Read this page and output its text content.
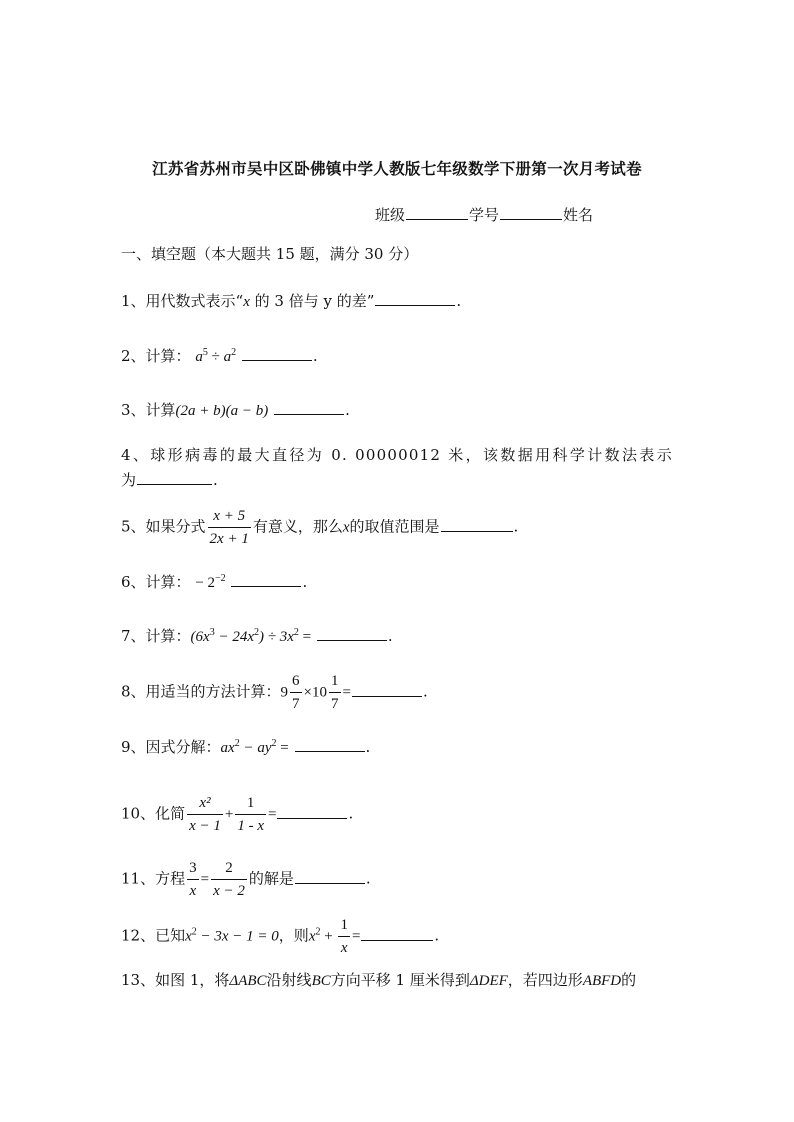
江苏省苏州市吴中区卧佛镇中学人教版七年级数学下册第一次月考试卷
班级	学号	姓名
一、填空题（本大题共 15 题，满分 30 分）
1、用代数式表示“x 的 3 倍与 y 的差”	.
2、计算： $a^5 \div a^2$	.
3、计算(2a + b)(a − b)	.
4、球形病毒的最大直径为 0. 00000012 米，该数据用科学计数法表示
为	.
5、如果分式 $\frac{x + 5}{2x + 1}$ 有意义，那么x的取值范围是	.
6、计算： − $2^{-2}$	.
7、计算：$(6x^3 - 24x^2) \div 3x^2$ =	.
8、用适当的方法计算：$9 \frac{6}{7} \times 10 \frac{1}{7}$ =	.
9、因式分解：$ax^2 - ay^2$ =	.
10、化简 $\frac{\text{x²}}{x - 1} + \frac{1}{1 - x}$ =	.
11、方程 $\frac{3}{x} = \frac{2}{x - 2}$ 的解是	.
12、已知$x^2 - 3x - 1 = 0$，则$x^2 + \frac{1}{x}$ =	.
13、如图 1，将ΔABC沿射线BC方向平移 1 厘米得到ΔDEF，若四边形ABFD的
